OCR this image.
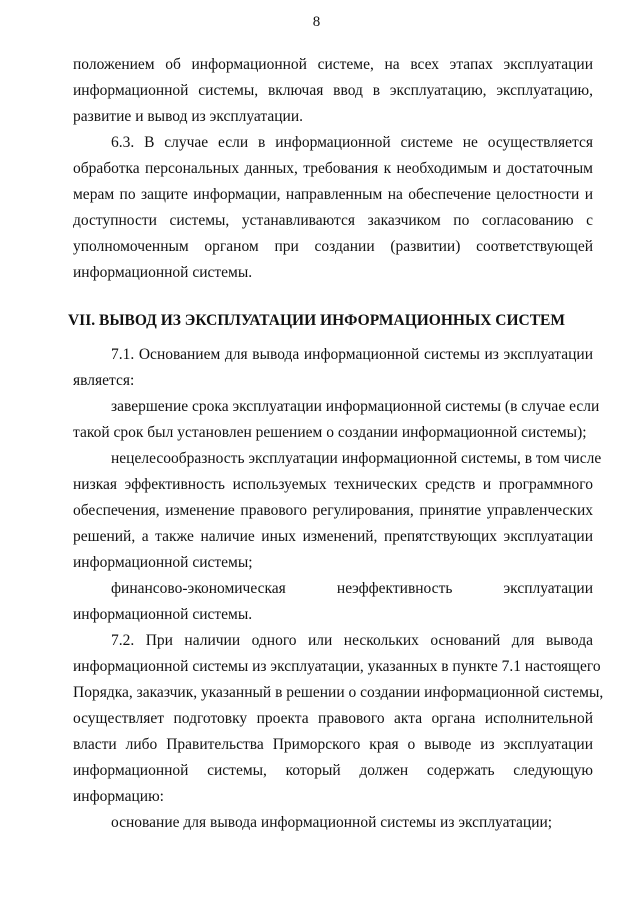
8
положением об информационной системе, на всех этапах эксплуатации
информационной системы, включая ввод в эксплуатацию, эксплуатацию,
развитие и вывод из эксплуатации.
6.3. В случае если в информационной системе не осуществляется
обработка персональных данных, требования к необходимым и достаточным
мерам по защите информации, направленным на обеспечение целостности и
доступности системы, устанавливаются заказчиком по согласованию с
уполномоченным органом при создании (развитии) соответствующей
информационной системы.
VII. ВЫВОД ИЗ ЭКСПЛУАТАЦИИ ИНФОРМАЦИОННЫХ СИСТЕМ
7.1. Основанием для вывода информационной системы из эксплуатации
является:
завершение срока эксплуатации информационной системы (в случае если
такой срок был установлен решением о создании информационной системы);
нецелесообразность эксплуатации информационной системы, в том числе
низкая эффективность используемых технических средств и программного
обеспечения, изменение правового регулирования, принятие управленческих
решений, а также наличие иных изменений, препятствующих эксплуатации
информационной системы;
финансово-экономическая неэффективность эксплуатации
информационной системы.
7.2. При наличии одного или нескольких оснований для вывода
информационной системы из эксплуатации, указанных в пункте 7.1 настоящего
Порядка, заказчик, указанный в решении о создании информационной системы,
осуществляет подготовку проекта правового акта органа исполнительной
власти либо Правительства Приморского края о выводе из эксплуатации
информационной системы, который должен содержать следующую
информацию:
основание для вывода информационной системы из эксплуатации;
